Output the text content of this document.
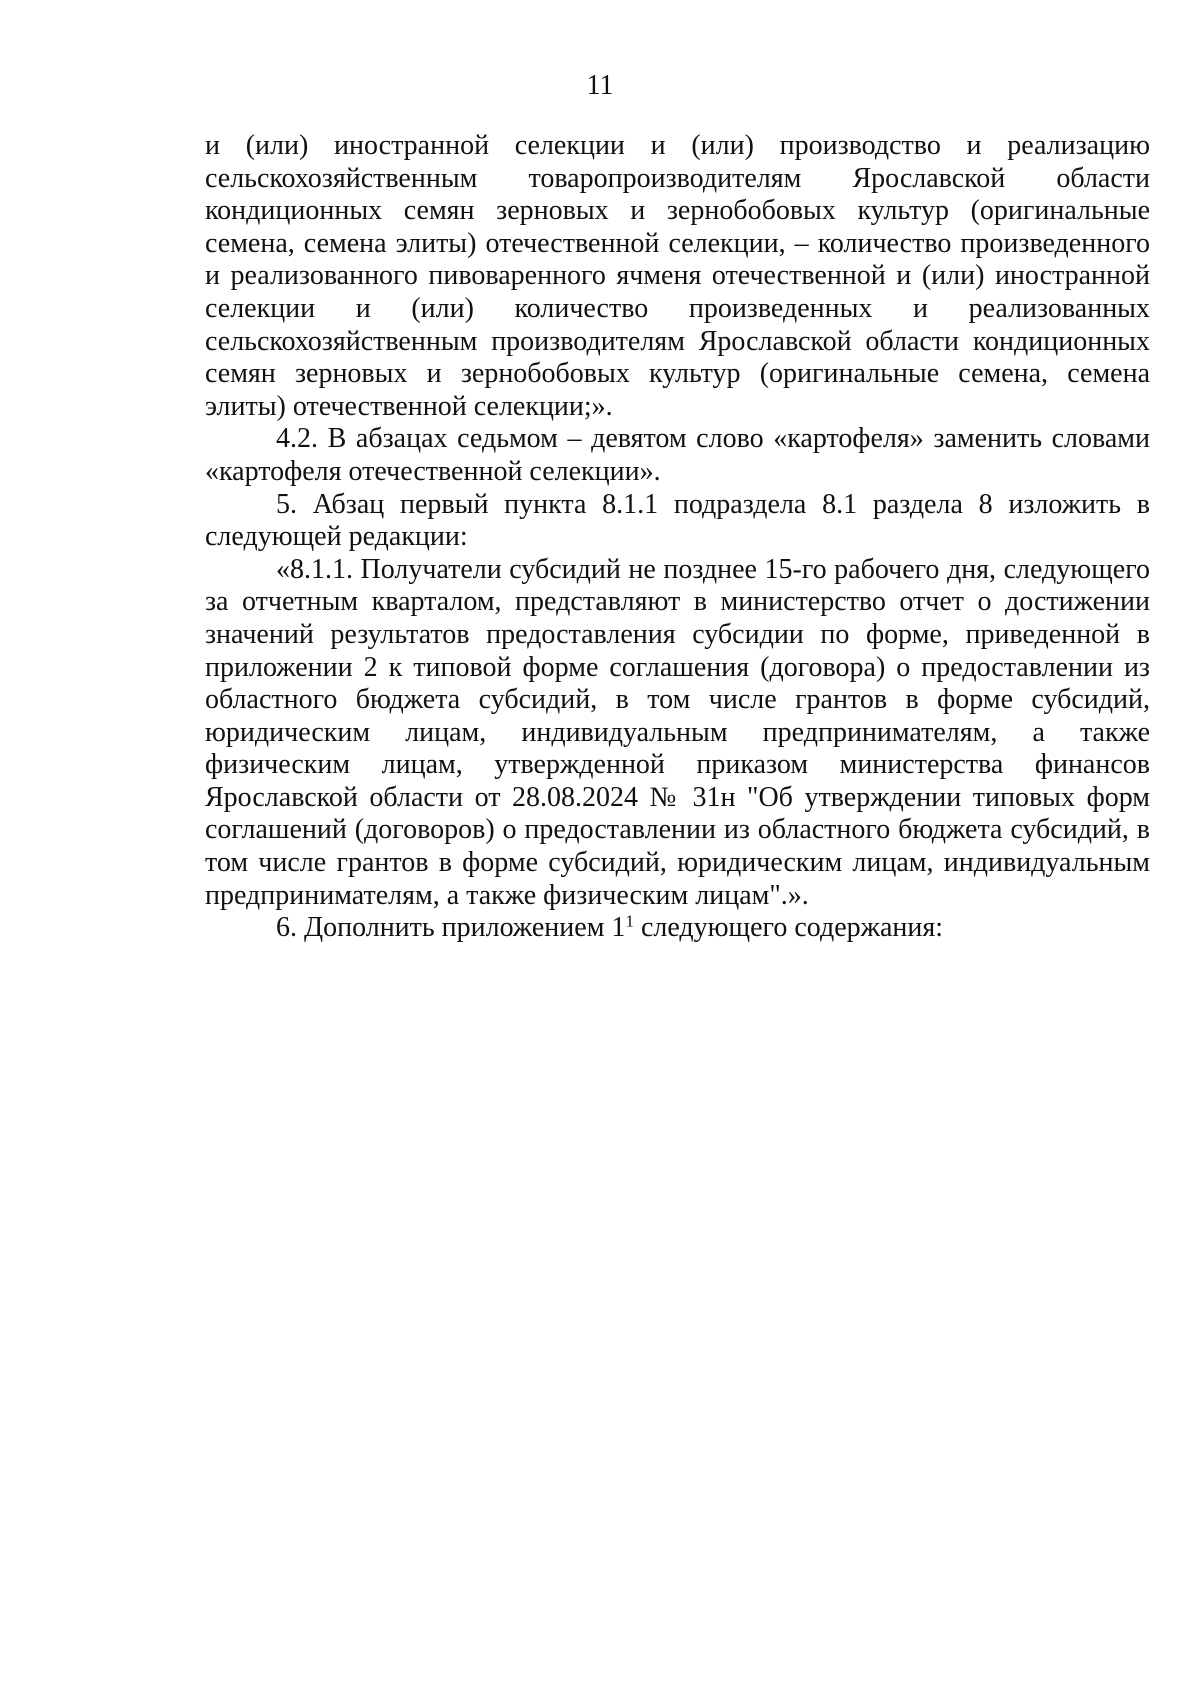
11

и (или) иностранной селекции и (или) производство и реализацию сельскохозяйственным товаропроизводителям Ярославской области кондиционных семян зерновых и зернобобовых культур (оригинальные семена, семена элиты) отечественной селекции, – количество произведенного и реализованного пивоваренного ячменя отечественной и (или) иностранной селекции и (или) количество произведенных и реализованных сельскохозяйственным производителям Ярославской области кондиционных семян зерновых и зернобобовых культур (оригинальные семена, семена элиты) отечественной селекции;».

4.2. В абзацах седьмом – девятом слово «картофеля» заменить словами «картофеля отечественной селекции».

5. Абзац первый пункта 8.1.1 подраздела 8.1 раздела 8 изложить в следующей редакции:

«8.1.1. Получатели субсидий не позднее 15-го рабочего дня, следующего за отчетным кварталом, представляют в министерство отчет о достижении значений результатов предоставления субсидии по форме, приведенной в приложении 2 к типовой форме соглашения (договора) о предоставлении из областного бюджета субсидий, в том числе грантов в форме субсидий, юридическим лицам, индивидуальным предпринимателям, а также физическим лицам, утвержденной приказом министерства финансов Ярославской области от 28.08.2024 № 31н "Об утверждении типовых форм соглашений (договоров) о предоставлении из областного бюджета субсидий, в том числе грантов в форме субсидий, юридическим лицам, индивидуальным предпринимателям, а также физическим лицам".».

6. Дополнить приложением $1^1$ следующего содержания:
